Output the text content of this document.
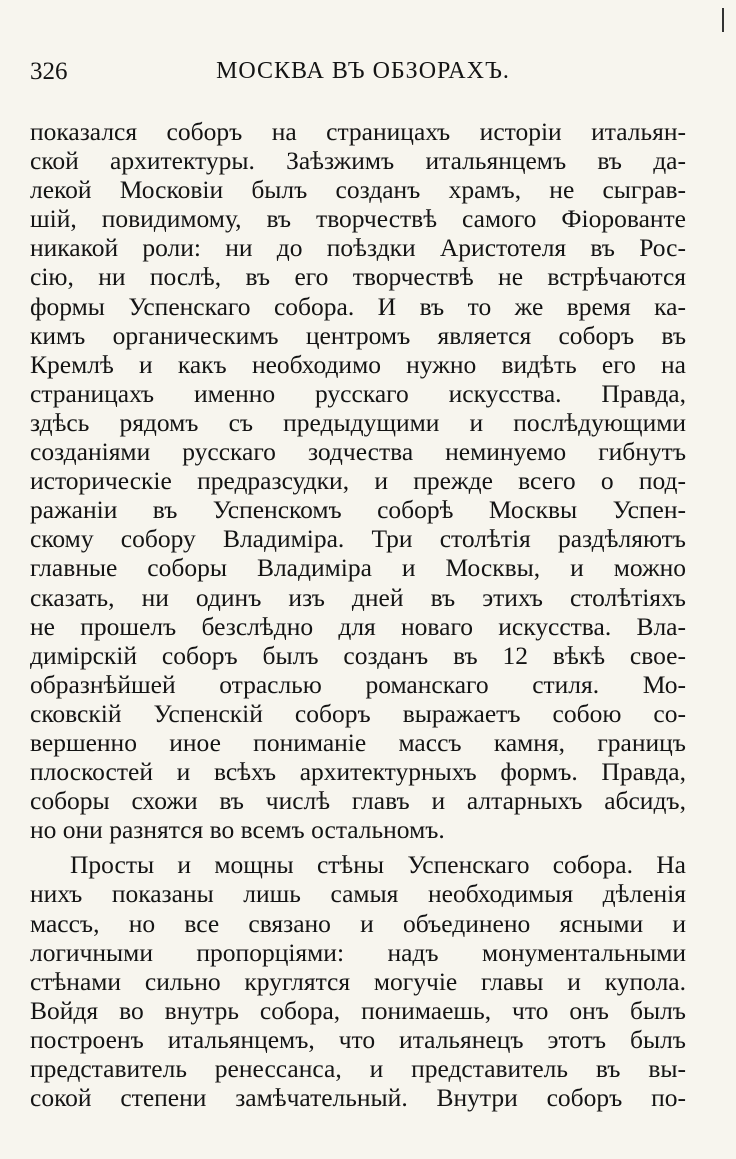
326	МОСКВА ВЪ ОБЗОРАХЪ.
показался соборъ на страницахъ исторiи итальян-
ской архитектуры. Заѣзжимъ итальянцемъ въ да-
лекой Московiи былъ созданъ храмъ, не сыграв-
шiй, повидимому, въ творчествѣ самого Фiорованте
никакой роли: ни до поѣздки Аристотеля въ Рос-
сiю, ни послѣ, въ его творчествѣ не встрѣчаются
формы Успенскаго собора. И въ то же время ка-
кимъ органическимъ центромъ является соборъ въ
Кремлѣ и какъ необходимо нужно видѣть его на
страницахъ именно русскаго искусства. Правда,
здѣсь рядомъ съ предыдущими и послѣдующими
созданiями русскаго зодчества неминуемо гибнутъ
историческiе предразсудки, и прежде всего о под-
ражанiи въ Успенскомъ соборѣ Москвы Успен-
скому собору Владимiра. Три столѣтiя раздѣляютъ
главные соборы Владимiра и Москвы, и можно
сказать, ни одинъ изъ дней въ этихъ столѣтiяхъ
не прошелъ безслѣдно для новаго искусства. Вла-
димiрскiй соборъ былъ созданъ въ 12 вѣкѣ свое-
образнѣйшей отраслью романскаго стиля. Мо-
сковскiй Успенскiй соборъ выражаетъ собою со-
вершенно иное пониманiе массъ камня, границъ
плоскостей и всѣхъ архитектурныхъ формъ. Правда,
соборы схожи въ числѣ главъ и алтарныхъ абсидъ,
но они разнятся во всемъ остальномъ.
Просты и мощны стѣны Успенскаго собора. На
нихъ показаны лишь самыя необходимыя дѣленiя
массъ, но все связано и объединено ясными и
логичными пропорцiями: надъ монументальными
стѣнами сильно круглятся могучiе главы и купола.
Войдя во внутрь собора, понимаешь, что онъ былъ
построенъ итальянцемъ, что итальянецъ этотъ былъ
представитель ренессанса, и представитель въ вы-
сокой степени замѣчательный. Внутри соборъ по-
